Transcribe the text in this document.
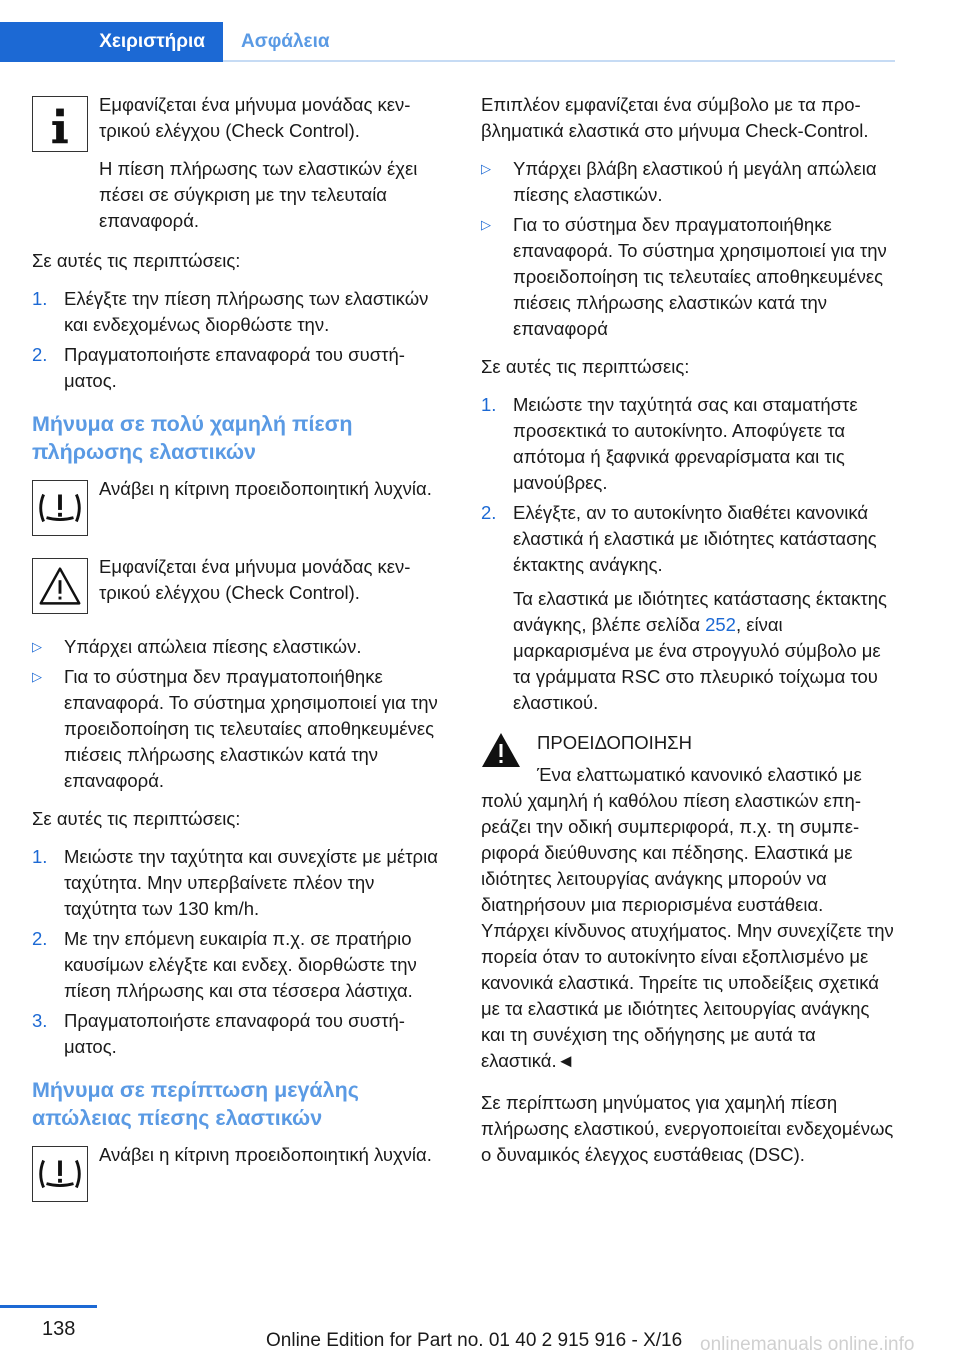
Χειριστήρια	Ασφάλεια

Εμφανίζεται ένα μήνυμα μονάδας κεντρικού ελέγχου (Check Control).

Η πίεση πλήρωσης των ελαστικών έχει πέσει σε σύγκριση με την τελευταία επαναφορά.

Σε αυτές τις περιπτώσεις:

1. Ελέγξτε την πίεση πλήρωσης των ελαστικών και ενδεχομένως διορθώστε την.
2. Πραγματοποιήστε επαναφορά του συστήματος.
Μήνυμα σε πολύ χαμηλή πίεση πλήρωσης ελαστικών

Ανάβει η κίτρινη προειδοποιητική λυχνία.

Εμφανίζεται ένα μήνυμα μονάδας κεντρικού ελέγχου (Check Control).

▷ Υπάρχει απώλεια πίεσης ελαστικών.
▷ Για το σύστημα δεν πραγματοποιήθηκε επαναφορά. Το σύστημα χρησιμοποιεί για την προειδοποίηση τις τελευταίες αποθηκευμένες πιέσεις πλήρωσης ελαστικών κατά την επαναφορά.

Σε αυτές τις περιπτώσεις:

1. Μειώστε την ταχύτητα και συνεχίστε με μέτρια ταχύτητα. Μην υπερβαίνετε πλέον την ταχύτητα των 130 km/h.
2. Με την επόμενη ευκαιρία π.χ. σε πρατήριο καυσίμων ελέγξτε και ενδεχ. διορθώστε την πίεση πλήρωσης και στα τέσσερα λάστιχα.
3. Πραγματοποιήστε επαναφορά του συστήματος.
Μήνυμα σε περίπτωση μεγάλης απώλειας πίεσης ελαστικών

Ανάβει η κίτρινη προειδοποιητική λυχνία.

Επιπλέον εμφανίζεται ένα σύμβολο με τα προβληματικά ελαστικά στο μήνυμα Check-Control.

▷ Υπάρχει βλάβη ελαστικού ή μεγάλη απώλεια πίεσης ελαστικών.
▷ Για το σύστημα δεν πραγματοποιήθηκε επαναφορά. Το σύστημα χρησιμοποιεί για την προειδοποίηση τις τελευταίες αποθηκευμένες πιέσεις πλήρωσης ελαστικών κατά την επαναφορά

Σε αυτές τις περιπτώσεις:

1. Μειώστε την ταχύτητά σας και σταματήστε προσεκτικά το αυτοκίνητο. Αποφύγετε τα απότομα ή ξαφνικά φρεναρίσματα και τις μανούβρες.
2. Ελέγξτε, αν το αυτοκίνητο διαθέτει κανονικά ελαστικά ή ελαστικά με ιδιότητες κατάστασης έκτακτης ανάγκης.
Τα ελαστικά με ιδιότητες κατάστασης έκτακτης ανάγκης, βλέπε σελίδα 252, είναι μαρκαρισμένα με ένα στρογγυλό σύμβολο με τα γράμματα RSC στο πλευρικό τοίχωμα του ελαστικού.
ΠΡΟΕΙΔΟΠΟΙΗΣΗ
Ένα ελαττωματικό κανονικό ελαστικό με

πολύ χαμηλή ή καθόλου πίεση ελαστικών επηρεάζει την οδική συμπεριφορά, π.χ. τη συμπεριφορά διεύθυνσης και πέδησης. Ελαστικά με ιδιότητες λειτουργίας ανάγκης μπορούν να διατηρήσουν μια περιορισμένα ευστάθεια. Υπάρχει κίνδυνος ατυχήματος. Μην συνεχίζετε την πορεία όταν το αυτοκίνητο είναι εξοπλισμένο με κανονικά ελαστικά. Τηρείτε τις υποδείξεις σχετικά με τα ελαστικά με ιδιότητες λειτουργίας ανάγκης και τη συνέχιση της οδήγησης με αυτά τα ελαστικά.◄

Σε περίπτωση μηνύματος για χαμηλή πίεση πλήρωσης ελαστικού, ενεργοποιείται ενδεχομένως ο δυναμικός έλεγχος ευστάθειας (DSC).

138
Online Edition for Part no. 01 40 2 915 916 - X/16 onlinemanuals online.info
